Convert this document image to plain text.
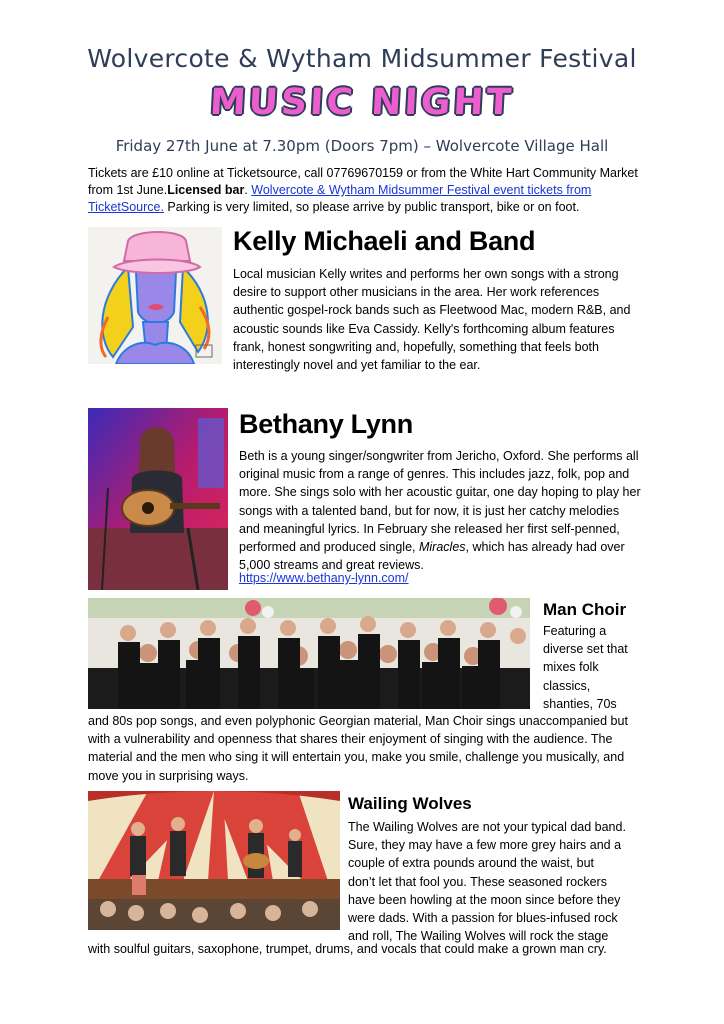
Wolvercote & Wytham Midsummer Festival
MUSIC NIGHT
Friday 27th June at 7.30pm (Doors 7pm) – Wolvercote Village Hall
Tickets are £10 online at Ticketsource, call 07769670159 or from the White Hart Community Market from 1st June.Licensed bar. Wolvercote & Wytham Midsummer Festival event tickets from TicketSource. Parking is very limited, so please arrive by public transport, bike or on foot.
Kelly Michaeli and Band
Local musician Kelly writes and performs her own songs with a strong desire to support other musicians in the area. Her work references authentic gospel-rock bands such as Fleetwood Mac, modern R&B, and acoustic sounds like Eva Cassidy. Kelly's forthcoming album features frank, honest songwriting and, hopefully, something that feels both interestingly novel and yet familiar to the ear.
Bethany Lynn
Beth is a young singer/songwriter from Jericho, Oxford. She performs all original music from a range of genres. This includes jazz, folk, pop and more. She sings solo with her acoustic guitar, one day hoping to play her songs with a talented band, but for now, it is just her catchy melodies and meaningful lyrics. In February she released her first self-penned, performed and produced single, Miracles, which has already had over 5,000 streams and great reviews.
https://www.bethany-lynn.com/
Man Choir
Featuring a
diverse set that
mixes folk
classics,
shanties, 70s
and 80s pop songs, and even polyphonic Georgian material, Man Choir sings unaccompanied but with a vulnerability and openness that shares their enjoyment of singing with the audience. The material and the men who sing it will entertain you, make you smile, challenge you musically, and move you in surprising ways.
Wailing Wolves
The Wailing Wolves are not your typical dad band.
Sure, they may have a few more grey hairs and a
couple of extra pounds around the waist, but
don’t let that fool you. These seasoned rockers
have been howling at the moon since before they
were dads. With a passion for blues-infused rock
and roll, The Wailing Wolves will rock the stage
with soulful guitars, saxophone, trumpet, drums, and vocals that could make a grown man cry.
